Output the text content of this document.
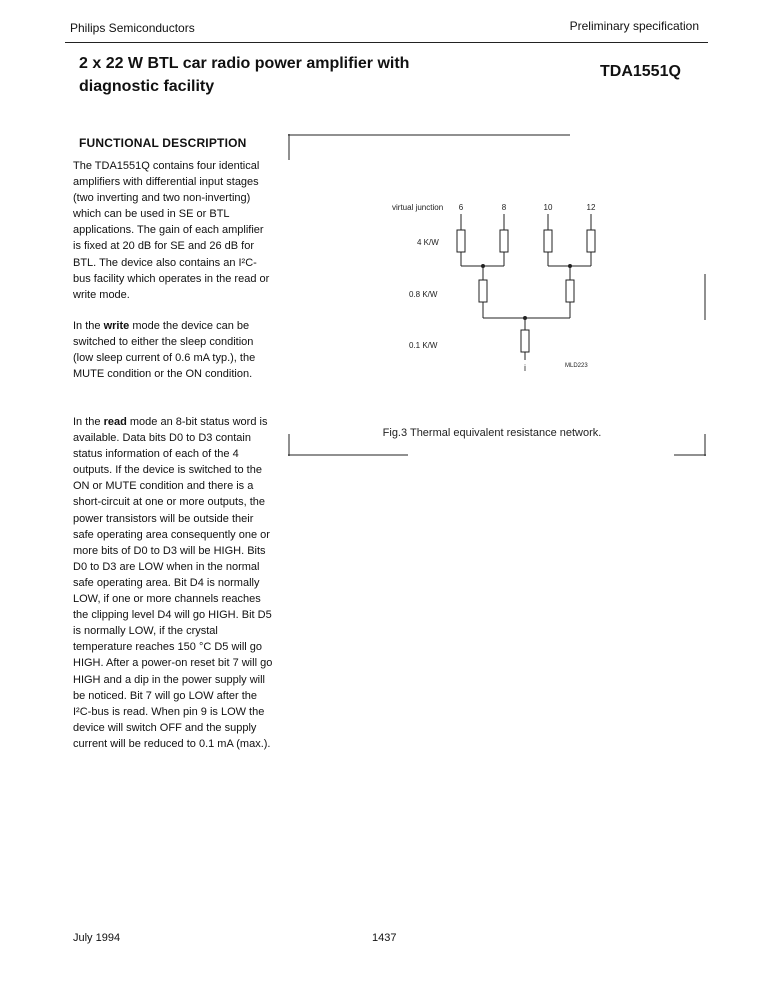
Philips Semiconductors	Preliminary specification
2 x 22 W BTL car radio power amplifier with
diagnostic facility
TDA1551Q
FUNCTIONAL DESCRIPTION
The TDA1551Q contains four identical amplifiers with differential input stages (two inverting and two non-inverting) which can be used in SE or BTL applications. The gain of each amplifier is fixed at 20 dB for SE and 26 dB for BTL. The device also contains an I²C-bus facility which operates in the read or write mode.
In the write mode the device can be switched to either the sleep condition (low sleep current of 0.6 mA typ.), the MUTE condition or the ON condition.
In the read mode an 8-bit status word is available. Data bits D0 to D3 contain status information of each of the 4 outputs. If the device is switched to the ON or MUTE condition and there is a short-circuit at one or more outputs, the power transistors will be outside their safe operating area consequently one or more bits of D0 to D3 will be HIGH. Bits D0 to D3 are LOW when in the normal safe operating area. Bit D4 is normally LOW, if one or more channels reaches the clipping level D4 will go HIGH. Bit D5 is normally LOW, if the crystal temperature reaches 150 °C D5 will go HIGH. After a power-on reset bit 7 will go HIGH and a dip in the power supply will be noticed. Bit 7 will go LOW after the I²C-bus is read. When pin 9 is LOW the device will switch OFF and the supply current will be reduced to 0.1 mA (max.).
virtual junction 6	8	10	12
4 K/W
0.8 K/W
0.1 K/W
MLD223
i
Fig.3 Thermal equivalent resistance network.
July 1994	1437
